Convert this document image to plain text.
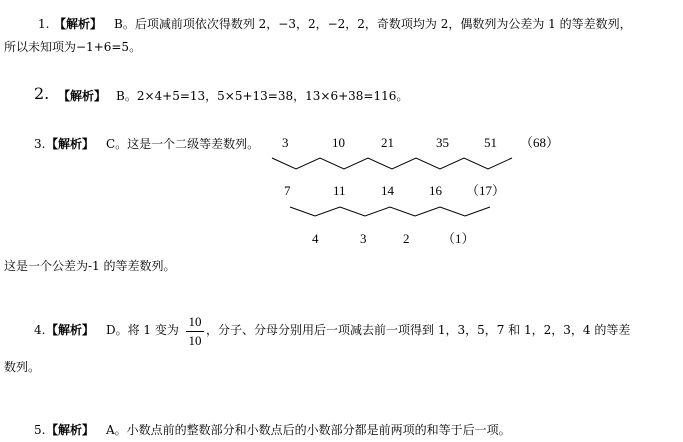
1. 【解析】 B。后项减前项依次得数列 2，−3，2，−2，2，奇数项均为 2，偶数列为公差为 1 的等差数列，
所以未知项为−1+6=5。
2. 【解析】 B。2×4+5=13，5×5+13=38，13×6+38=116。
3. 【解析】 C。这是一个二级等差数列。 3	10	21	35	51 （68）
7	11	14	16 （17）
4	3	2	（1）
这是一个公差为-1 的等差数列。
4. 【解析】 D。将 1 变为
10
10
，分子、分母分别用后一项减去前一项得到 1，3，5，7 和 1，2，3，4 的等差
数列。
5. 【解析】 A。小数点前的整数部分和小数点后的小数部分都是前两项的和等于后一项。
